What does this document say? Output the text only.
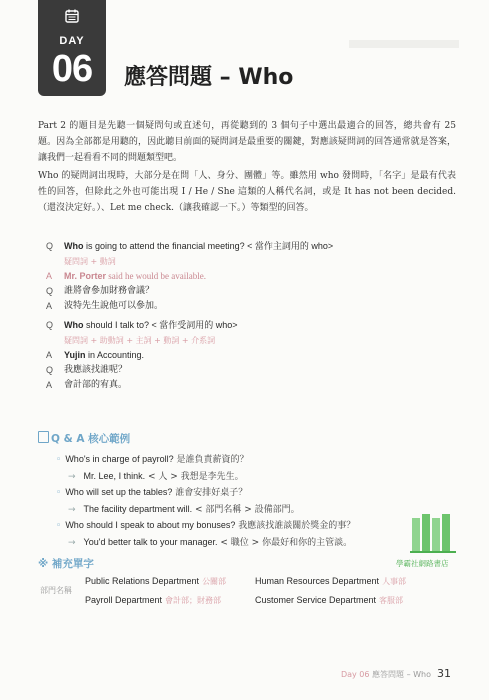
DAY
06	應答問題 – Who
Part 2 的題目是先聽一個疑問句或直述句，再從聽到的 3 個句子中選出最適合的回答，總共會有 25 題。因為全部都是用聽的，因此聽目前面的疑問詞是最重要的關鍵，對應該疑問詞的回答通常就是答案，讓我們一起看看不同的問題類型吧。
Who 的疑問詞出現時，大部分是在問「人、身分、團體」等。雖然用 who 發問時，「名字」是最有代表性的回答，但除此之外也可能出現 I / He / She 這類的人稱代名詞，或是 It has not been decided.（還沒決定好。）、Let me check.（讓我確認一下。）等類型的回答。
Q	Who is going to attend the financial meeting? < 當作主詞用的 who>
疑問詞 + 動詞
A	Mr. Porter said he would be available.
Q	誰將會參加財務會議？
A	波特先生說他可以參加。
Q	Who should I talk to? < 當作受詞用的 who>
疑問詞 + 助動詞 + 主詞 + 動詞 + 介系詞
A	Yujin in Accounting.
Q	我應該找誰呢？
A	會計部的宥真。
Q & A 核心範例
◦ Who's in charge of payroll? 是誰負責薪資的？
→ Mr. Lee, I think. < 人 > 我想是李先生。
◦ Who will set up the tables? 誰會安排好桌子？
→ The facility department will. < 部門名稱 > 設備部門。
◦ Who should I speak to about my bonuses? 我應該找誰談關於獎金的事？
→ You'd better talk to your manager. < 職位 > 你最好和你的主管談。
學霸社網路書店
※ 補充單字
部門名稱
Public Relations Department 公關部	Human Resources Department 人事部
Payroll Department 會計部；財務部	Customer Service Department 客服部
Day 06 應答問題 – Who 31
